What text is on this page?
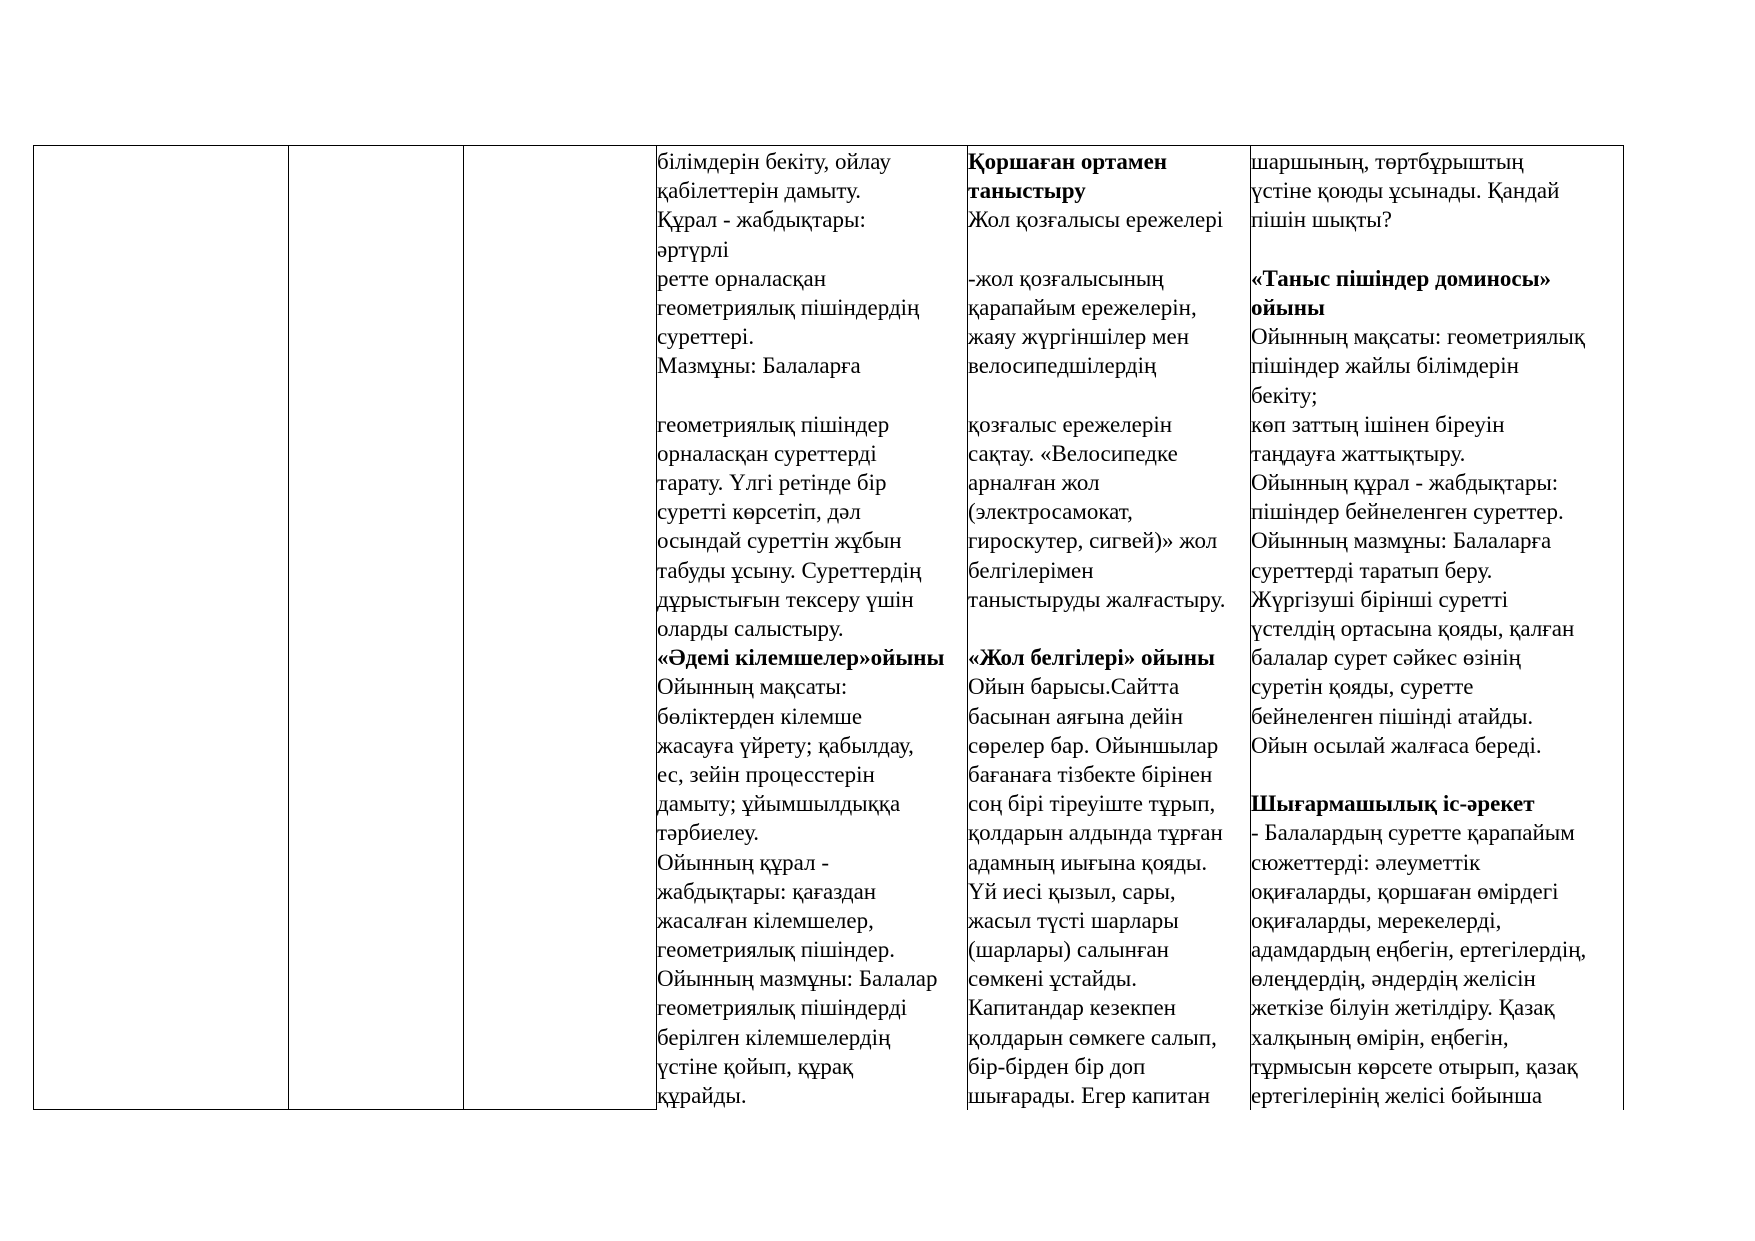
білімдерін бекіту, ойлау
қабілеттерін дамыту.
Құрал - жабдықтары:
әртүрлі
ретте орналасқан
геометриялық пішіндердің
суреттері.
Мазмұны: Балаларға
геометриялық пішіндер
орналасқан суреттерді
тарату. Үлгі ретінде бір
суретті көрсетіп, дәл
осындай суреттін жұбын
табуды ұсыну. Суреттердің
дұрыстығын тексеру үшін
оларды салыстыру.
«Әдемі кілемшелер»ойыны
Ойынның мақсаты:
бөліктерден кілемше
жасауға үйрету; қабылдау,
ес, зейін процесстерін
дамыту; ұйымшылдыққа
тәрбиелеу.
Ойынның құрал -
жабдықтары: қағаздан
жасалған кілемшелер,
геометриялық пішіндер.
Ойынның мазмұны: Балалар
геометриялық пішіндерді
берілген кілемшелердің
үстіне қойып, құрақ
құрайды.
Қоршаған ортамен
таныстыру
Жол қозғалысы ережелері
-жол қозғалысының
қарапайым ережелерін,
жаяу жүргіншілер мен
велосипедшілердің
қозғалыс ережелерін
сақтау. «Велосипедке
арналған жол
(электросамокат,
гироскутер, сигвей)» жол
белгілерімен
таныстыруды жалғастыру.
«Жол белгілері» ойыны
Ойын барысы.Сайтта
басынан аяғына дейін
сөрелер бар. Ойыншылар
бағанаға тізбекте бірінен
соң бірі тіреуіште тұрып,
қолдарын алдында тұрған
адамның иығына қояды.
Үй иесі қызыл, сары,
жасыл түсті шарлары
(шарлары) салынған
сөмкені ұстайды.
Капитандар кезекпен
қолдарын сөмкеге салып,
бір-бірден бір доп
шығарады. Егер капитан
шаршының, төртбұрыштың
үстіне қоюды ұсынады. Қандай
пішін шықты?
«Таныс пішіндер доминосы»
ойыны
Ойынның мақсаты: геометриялық
пішіндер жайлы білімдерін
бекіту;
көп заттың ішінен біреуін
таңдауға жаттықтыру.
Ойынның құрал - жабдықтары:
пішіндер бейнеленген суреттер.
Ойынның мазмұны: Балаларға
суреттерді таратып беру.
Жүргізуші бірінші суретті
үстелдің ортасына қояды, қалған
балалар сурет сәйкес өзінің
суретін қояды, суретте
бейнеленген пішінді атайды.
Ойын осылай жалғаса береді.
Шығармашылық іс-әрекет
- Балалардың суретте қарапайым
сюжеттерді: әлеуметтік
оқиғаларды, қоршаған өмірдегі
оқиғаларды, мерекелерді,
адамдардың еңбегін, ертегілердің,
өлеңдердің, әндердің желісін
жеткізе білуін жетілдіру. Қазақ
халқының өмірін, еңбегін,
тұрмысын көрсете отырып, қазақ
ертегілерінің желісі бойынша
